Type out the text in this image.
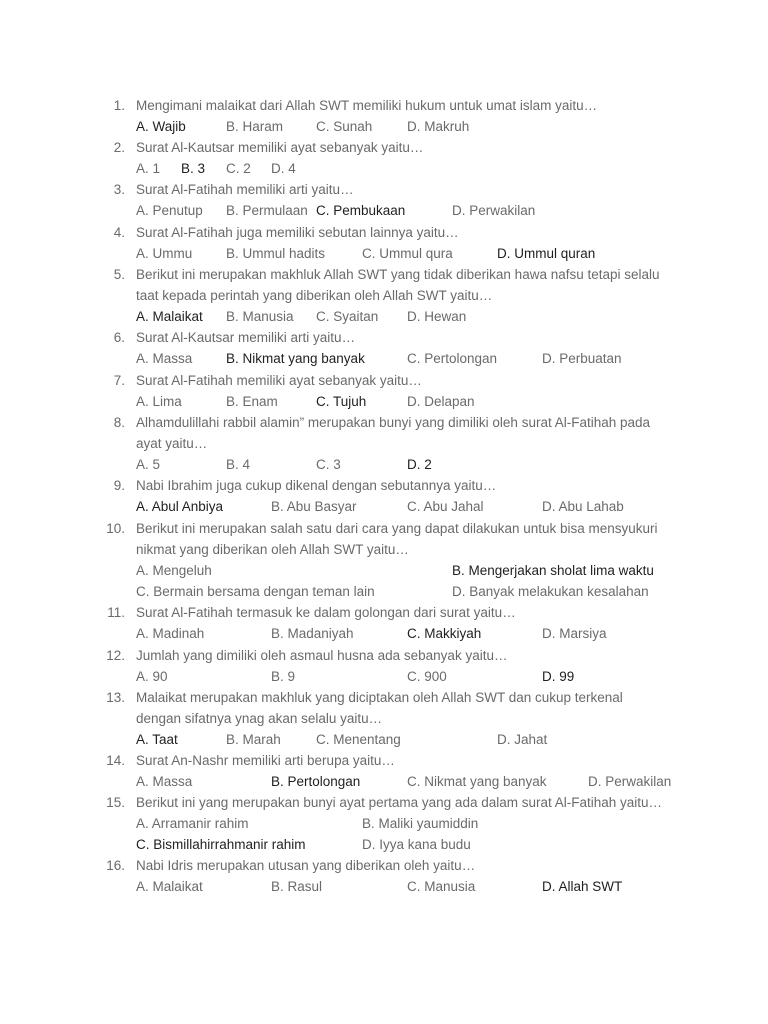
1. Mengimani malaikat dari Allah SWT memiliki hukum untuk umat islam yaitu…
A. Wajib	B. Haram C. Sunah	D. Makruh
2. Surat Al-Kautsar memiliki ayat sebanyak yaitu…
A. 1 B. 3 C. 2 D. 4
3. Surat Al-Fatihah memiliki arti yaitu…
A. Penutup B. Permulaan C. Pembukaan	D. Perwakilan
4. Surat Al-Fatihah juga memiliki sebutan lainnya yaitu…
A. Ummu B. Ummul hadits	C. Ummul qura	D. Ummul quran
5. Berikut ini merupakan makhluk Allah SWT yang tidak diberikan hawa nafsu tetapi selalu
taat kepada perintah yang diberikan oleh Allah SWT yaitu…
A. Malaikat B. Manusia C. Syaitan D. Hewan
6. Surat Al-Kautsar memiliki arti yaitu…
A. Massa B. Nikmat yang banyak	C. Pertolongan	D. Perbuatan
7. Surat Al-Fatihah memiliki ayat sebanyak yaitu…
A. Lima	B. Enam	C. Tujuh	D. Delapan
8. Alhamdulillahi rabbil alamin” merupakan bunyi yang dimiliki oleh surat Al-Fatihah pada
ayat yaitu…
A. 5	B. 4	C. 3	D. 2
9. Nabi Ibrahim juga cukup dikenal dengan sebutannya yaitu…
A. Abul Anbiya	B. Abu Basyar	C. Abu Jahal	D. Abu Lahab
10. Berikut ini merupakan salah satu dari cara yang dapat dilakukan untuk bisa mensyukuri
nikmat yang diberikan oleh Allah SWT yaitu…
A. Mengeluh	B. Mengerjakan sholat lima waktu
C. Bermain bersama dengan teman lain	D. Banyak melakukan kesalahan
11. Surat Al-Fatihah termasuk ke dalam golongan dari surat yaitu…
A. Madinah	B. Madaniyah	C. Makkiyah	D. Marsiya
12. Jumlah yang dimiliki oleh asmaul husna ada sebanyak yaitu…
A. 90	B. 9	C. 900	D. 99
13. Malaikat merupakan makhluk yang diciptakan oleh Allah SWT dan cukup terkenal
dengan sifatnya ynag akan selalu yaitu…
A. Taat	B. Marah	C. Menentang	D. Jahat
14. Surat An-Nashr memiliki arti berupa yaitu…
A. Massa	B. Pertolongan	C. Nikmat yang banyak	D. Perwakilan
15. Berikut ini yang merupakan bunyi ayat pertama yang ada dalam surat Al-Fatihah yaitu…
A. Arramanir rahim	B. Maliki yaumiddin
C. Bismillahirrahmanir rahim	D. Iyya kana budu
16. Nabi Idris merupakan utusan yang diberikan oleh yaitu…
A. Malaikat	B. Rasul	C. Manusia	D. Allah SWT
